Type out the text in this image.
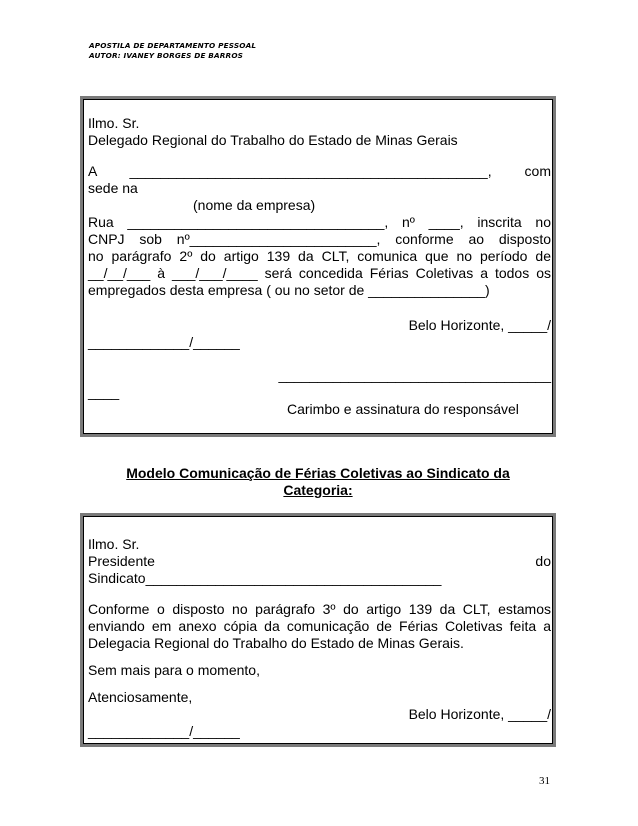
APOSTILA DE DEPARTAMENTO PESSOAL
AUTOR: IVANEY BORGES DE BARROS
Ilmo. Sr.
Delegado Regional do Trabalho do Estado de Minas Gerais
A ______________________________________________, com
sede na
(nome da empresa)
Rua _________________________________, nº ____, inscrita no
CNPJ sob nº________________________, conforme ao disposto
no parágrafo 2º do artigo 139 da CLT, comunica que no período de
__/__/___ à ___/___/____ será concedida Férias Coletivas a todos os
empregados desta empresa ( ou no setor de _______________)
Belo Horizonte, _____/
_____________/______
___________________________________
____
Carimbo e assinatura do responsável
Modelo Comunicação de Férias Coletivas ao Sindicato da
Categoria:
Ilmo. Sr.
Presidente	do
Sindicato______________________________________
Conforme o disposto no parágrafo 3º do artigo 139 da CLT, estamos
enviando em anexo cópia da comunicação de Férias Coletivas feita a
Delegacia Regional do Trabalho do Estado de Minas Gerais.
Sem mais para o momento,
Atenciosamente,
Belo Horizonte, _____/
_____________/______
31
